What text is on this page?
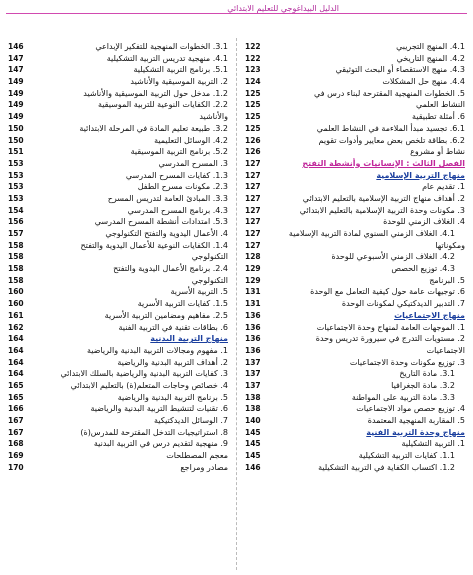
الدليل البيداغوجي للتعليم الابتدائي
4.1. المنهج التجريبي
122
4.2. المنهج التاريخي
122
4.3. منهج الاستقصاء أو البحث التوثيقي
123
4.4. منهج حل المشكلات
124
5. الخطوات المنهجية المقترحة لبناء درس في
125
النشاط العلمي
125
6. أمثلة تطبيقية
125
6.1. تجسيد مبدأ الملاءمة في النشاط العلمي
125
6.2. بطاقة تلخص بعض معايير وأدوات تقويم
126
نشاط أو مشروع
126
الفصل الثالث : الإنسانيات وأنشطة التفتح
127
منهاج التربية الإسلامية
127
1. تقديم عام
127
2. أهداف منهاج التربية الإسلامية بالتعليم الابتدائي
127
3. مكونات وحدة التربية الإسلامية بالتعليم الابتدائي
127
4. الغلاف الزمني للوحدة
127
4.1. الغلاف الزمني السنوي لمادة التربية الإسلامية
127
ومكوناتها
127
4.2. الغلاف الزمني الأسبوعي للوحدة
128
4.3. توزيع الحصص
129
5. البرنامج
129
6. توجيهات عامة حول كيفية التعامل مع الوحدة
131
7. التدبير الديدكتيكي لمكونات الوحدة
131
منهاج الاجتماعيات
136
1. الموجهات العامة لمنهاج وحدة الاجتماعيات
136
2. مستويات التدرج في سيرورة تدريس وحدة
136
الاجتماعيات
136
3. توزيع مكونات وحدة الاجتماعيات
137
3.1. مادة التاريخ
137
3.2. مادة الجغرافيا
137
3.3. مادة التربية على المواطنة
138
4. توزيع حصص مواد الاجتماعيات
138
5. المقاربة المنهجية المعتمدة
140
منهاج وحدة التربية الفنية
145
1. التربية التشكيلية
145
1.1. كفايات التربية التشكيلية
145
1.2. اكتساب الكفاية في التربية التشكيلية
146
3.1. الخطوات المنهجية للتفكير الإبداعي
146
4.1. منهجية تدريس التربية التشكيلية
147
5.1. برنامج التربية التشكيلية
147
2. التربية الموسيقية والأناشيد
149
1.2. مدخل حول التربية الموسيقية والأناشيد
149
2.2. الكفايات النوعية للتربية الموسيقية
149
والأناشيد
149
3.2. طبيعة تعليم المادة في المرحلة الابتدائية
150
4.2. الوسائل التعليمية
150
5.2. برنامج التربية الموسيقية
151
3. المسرح المدرسي
153
1.3. كفايات المسرح المدرسي
153
2.3. مكونات مسرح الطفل
153
3.3. المبادئ العامة لتدريس المسرح
153
4.3. برنامج المسرح المدرسي
154
5.3. امتدادات أنشطة المسرح المدرسي
156
4. الأعمال اليدوية والتفتح التكنولوجي
157
1.4. الكفايات النوعية للأعمال اليدوية والتفتح
158
التكنولوجي
158
2.4. برنامج الأعمال اليدوية والتفتح
158
التكنولوجي
158
5. التربية الأسرية
160
1.5. كفايات التربية الأسرية
160
2.5. مفاهيم ومضامين التربية الأسرية
161
6. بطاقات تقنية في التربية الفنية
162
منهاج التربية البدنية
164
1. مفهوم ومجالات التربية البدنية والرياضية
164
2. أهداف التربية البدنية والرياضية
164
3. كفايات التربية البدنية والرياضية بالسلك الابتدائي
164
4. خصائص وحاجات المتعلم(ة) بالتعليم الابتدائي
165
5. برنامج التربية البدنية والرياضية
165
6. تقنيات لتنشيط التربية البدنية والرياضية
166
7. الوسائل الديدكتيكية
167
8. استراتيجيات التدخل المقترحة للمدرس(ة)
167
9. منهجية لتقديم درس في التربية البدنية
168
معجم المصطلحات
169
مصادر ومراجع
170
